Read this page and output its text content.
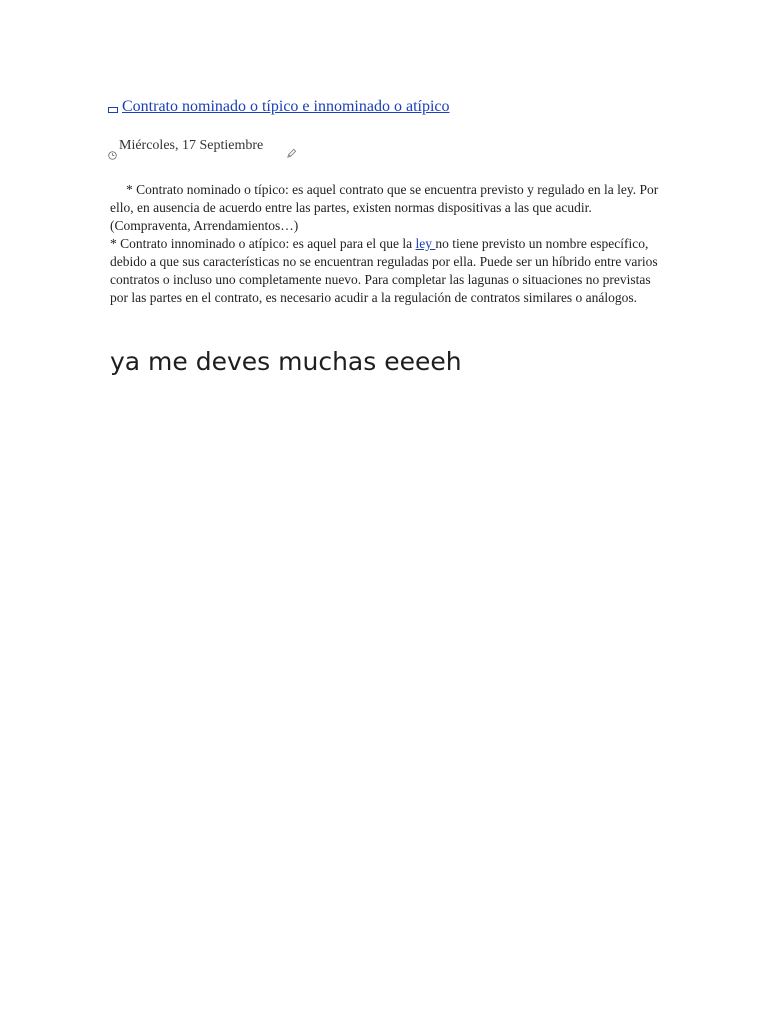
Contrato nominado o típico e innominado o atípico
Miércoles, 17 Septiembre

* Contrato nominado o típico: es aquel contrato que se encuentra previsto y regulado en la ley. Por ello, en ausencia de acuerdo entre las partes, existen normas dispositivas a las que acudir. (Compraventa, Arrendamientos…)

* Contrato innominado o atípico: es aquel para el que la ley no tiene previsto un nombre específico, debido a que sus características no se encuentran reguladas por ella. Puede ser un híbrido entre varios contratos o incluso uno completamente nuevo. Para completar las lagunas o situaciones no previstas por las partes en el contrato, es necesario acudir a la regulación de contratos similares o análogos.

ya me deves muchas eeeeh
